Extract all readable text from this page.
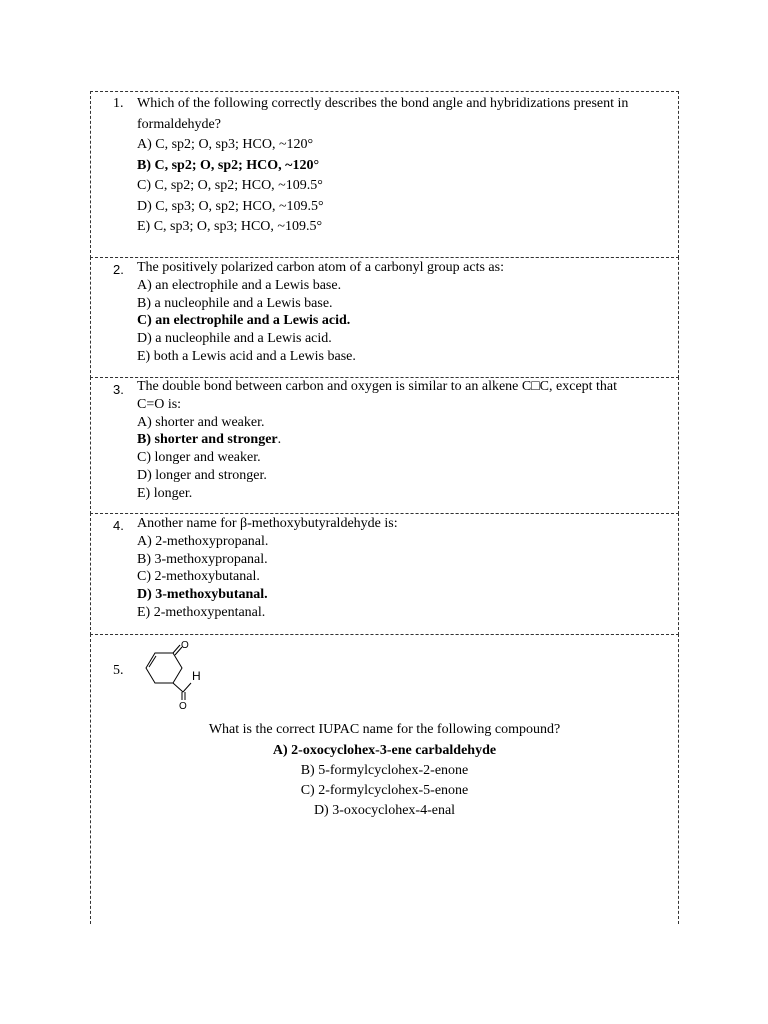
1. Which of the following correctly describes the bond angle and hybridizations present in
formaldehyde?
A) C, sp2; O, sp3; HCO, ~120°
B) C, sp2; O, sp2; HCO, ~120°
C) C, sp2; O, sp2; HCO, ~109.5°
D) C, sp3; O, sp2; HCO, ~109.5°
E) C, sp3; O, sp3; HCO, ~109.5°
2. The positively polarized carbon atom of a carbonyl group acts as:
A) an electrophile and a Lewis base.
B) a nucleophile and a Lewis base.
C) an electrophile and a Lewis acid.
D) a nucleophile and a Lewis acid.
E) both a Lewis acid and a Lewis base.
3. The double bond between carbon and oxygen is similar to an alkene C□C, except that
C=O is:
A) shorter and weaker.
B) shorter and stronger.
C) longer and weaker.
D) longer and stronger.
E) longer.
4. Another name for β-methoxybutyraldehyde is:
A) 2-methoxypropanal.
B) 3-methoxypropanal.
C) 2-methoxybutanal.
D) 3-methoxybutanal.
E) 2-methoxypentanal.
5.
O
H
O
What is the correct IUPAC name for the following compound?
A) 2-oxocyclohex-3-ene carbaldehyde
B) 5-formylcyclohex-2-enone
C) 2-formylcyclohex-5-enone
D) 3-oxocyclohex-4-enal
